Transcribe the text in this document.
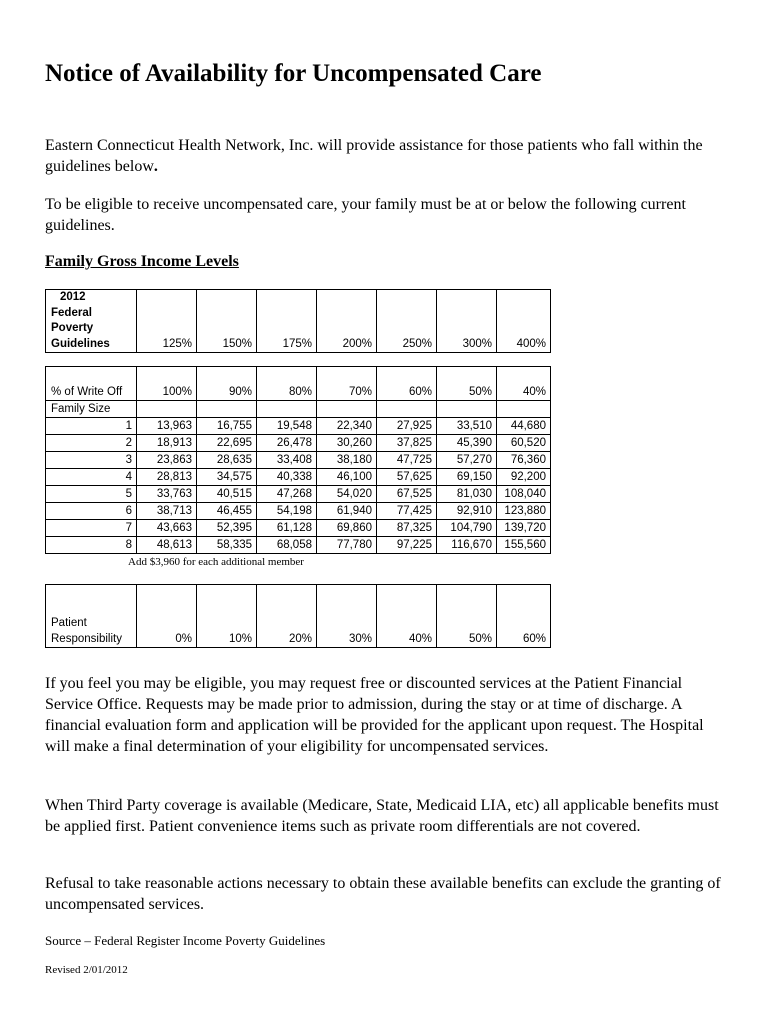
Notice of Availability for Uncompensated Care

Eastern Connecticut Health Network, Inc. will provide assistance for those patients who fall within the guidelines below.

To be eligible to receive uncompensated care, your family must be at or below the following current guidelines.

Family Gross Income Levels
2012
Federal
Poverty
Guidelines	125%	150%	175%	200%	250%	300%	400%
% of Write Off	100%	90%	80%	70%	60%	50%	40%
Family Size							
1	13,963	16,755	19,548	22,340	27,925	33,510	44,680
2	18,913	22,695	26,478	30,260	37,825	45,390	60,520
3	23,863	28,635	33,408	38,180	47,725	57,270	76,360
4	28,813	34,575	40,338	46,100	57,625	69,150	92,200
5	33,763	40,515	47,268	54,020	67,525	81,030	108,040
6	38,713	46,455	54,198	61,940	77,425	92,910	123,880
7	43,663	52,395	61,128	69,860	87,325	104,790	139,720
8	48,613	58,335	68,058	77,780	97,225	116,670	155,560
Add $3,960 for each additional member
Patient Responsibility	0%	10%	20%	30%	40%	50%	60%

If you feel you may be eligible, you may request free or discounted services at the Patient Financial Service Office. Requests may be made prior to admission, during the stay or at time of discharge. A financial evaluation form and application will be provided for the applicant upon request. The Hospital will make a final determination of your eligibility for uncompensated services.

When Third Party coverage is available (Medicare, State, Medicaid LIA, etc) all applicable benefits must be applied first. Patient convenience items such as private room differentials are not covered.

Refusal to take reasonable actions necessary to obtain these available benefits can exclude the granting of uncompensated services.

Source – Federal Register Income Poverty Guidelines
Revised 2/01/2012
